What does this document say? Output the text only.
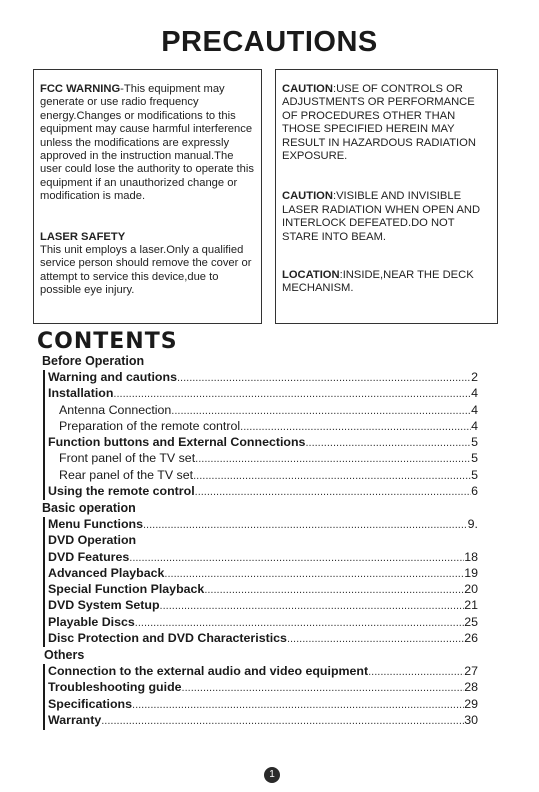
PRECAUTIONS

FCC WARNING-This equipment may generate or use radio frequency energy.Changes or modifications to this equipment may cause harmful interference unless the modifications are expressly approved in the instruction manual.The user could lose the authority to operate this equipment if an unauthorized change or modification is made.

LASER SAFETY

This unit employs a laser.Only a qualified service person should remove the cover or attempt to service this device,due to possible eye injury.

CAUTION:USE OF CONTROLS OR ADJUSTMENTS OR PERFORMANCE OF PROCEDURES OTHER THAN THOSE SPECIFIED HEREIN MAY RESULT IN HAZARDOUS RADIATION EXPOSURE.

CAUTION:VISIBLE AND INVISIBLE LASER RADIATION WHEN OPEN AND INTERLOCK DEFEATED.DO NOT STARE INTO BEAM.

LOCATION:INSIDE,NEAR THE DECK MECHANISM.

CONTENTS
Before Operation
Warning and cautions .....	2
Installation .....	4
Antenna Connection .....	4
Preparation of the remote control .....	4
Function buttons and External Connections .....	5
Front panel of the TV set .....	5
Rear panel of the TV set .....	5
Using the remote control .....	6
Basic operation
Menu Functions .....	9.
DVD Operation
DVD Features .....	18
Advanced Playback .....	19
Special Function Playback .....	20
DVD System Setup .....	21
Playable Discs .....	25
Disc Protection and DVD Characteristics .....	26
Others
Connection to the external audio and video equipment .....	27
Troubleshooting guide .....	28
Specifications .....	29
Warranty .....	30
1
